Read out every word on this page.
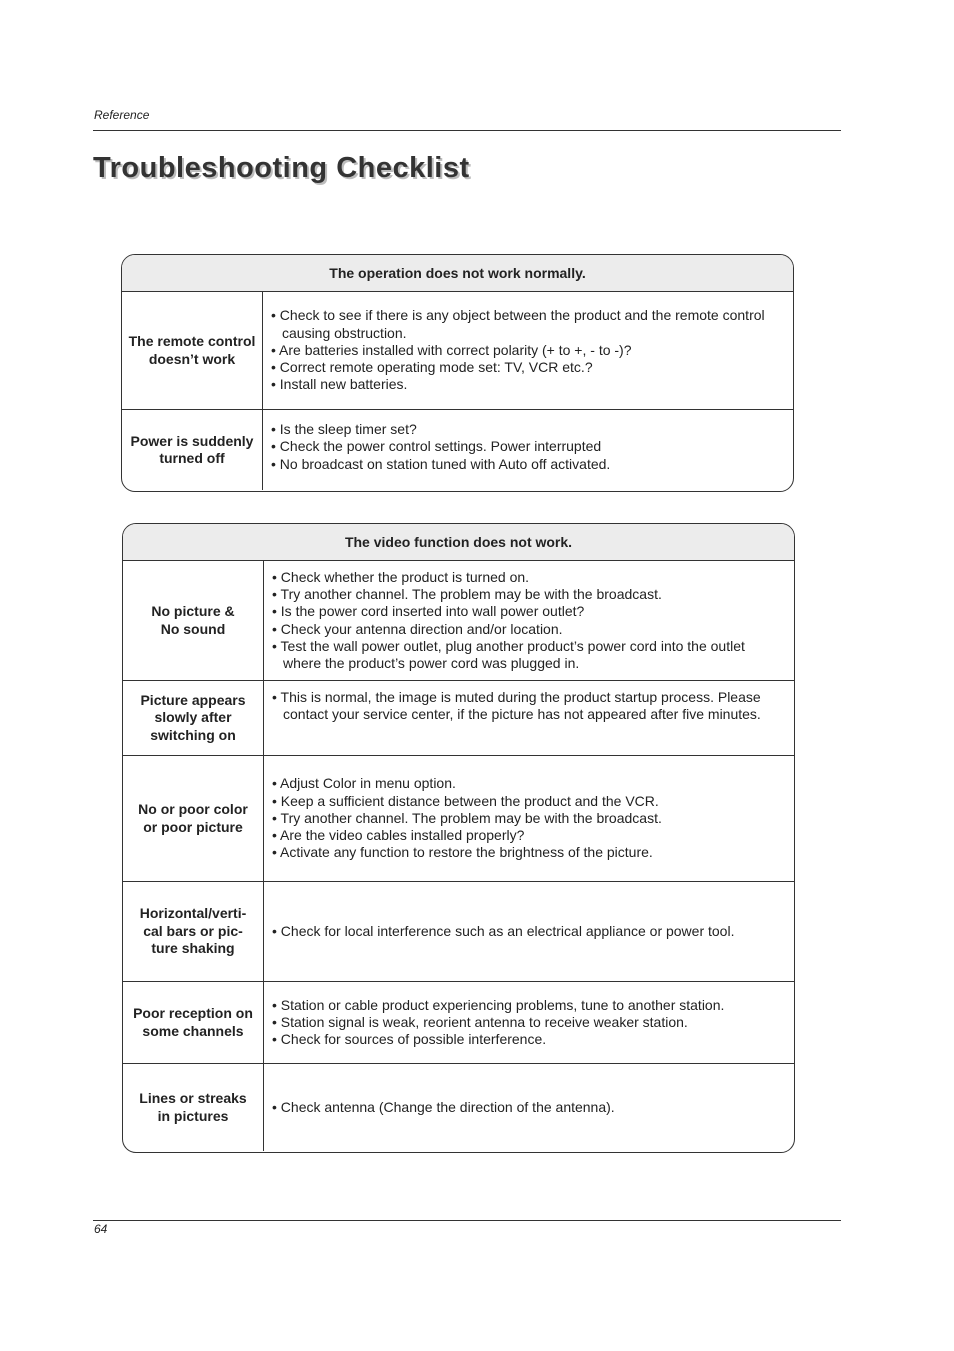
Reference
Troubleshooting Checklist
The operation does not work normally.
The remote control
doesn’t work
• Check to see if there is any object between the product and the remote control causing obstruction.
• Are batteries installed with correct polarity (+ to +, - to -)?
• Correct remote operating mode set: TV, VCR etc.?
• Install new batteries.
Power is suddenly
turned off
• Is the sleep timer set?
• Check the power control settings. Power interrupted
• No broadcast on station tuned with Auto off activated.
The video function does not work.
No picture &
No sound
• Check whether the product is turned on.
• Try another channel. The problem may be with the broadcast.
• Is the power cord inserted into wall power outlet?
• Check your antenna direction and/or location.
• Test the wall power outlet, plug another product’s power cord into the outlet where the product’s power cord was plugged in.
Picture appears
slowly after
switching on
• This is normal, the image is muted during the product startup process. Please contact your service center, if the picture has not appeared after five minutes.
No or poor color
or poor picture
• Adjust Color in menu option.
• Keep a sufficient distance between the product and the VCR.
• Try another channel. The problem may be with the broadcast.
• Are the video cables installed properly?
• Activate any function to restore the brightness of the picture.
Horizontal/verti-
cal bars or pic-
ture shaking
• Check for local interference such as an electrical appliance or power tool.
Poor reception on
some channels
• Station or cable product experiencing problems, tune to another station.
• Station signal is weak, reorient antenna to receive weaker station.
• Check for sources of possible interference.
Lines or streaks
in pictures
• Check antenna (Change the direction of the antenna).
64
